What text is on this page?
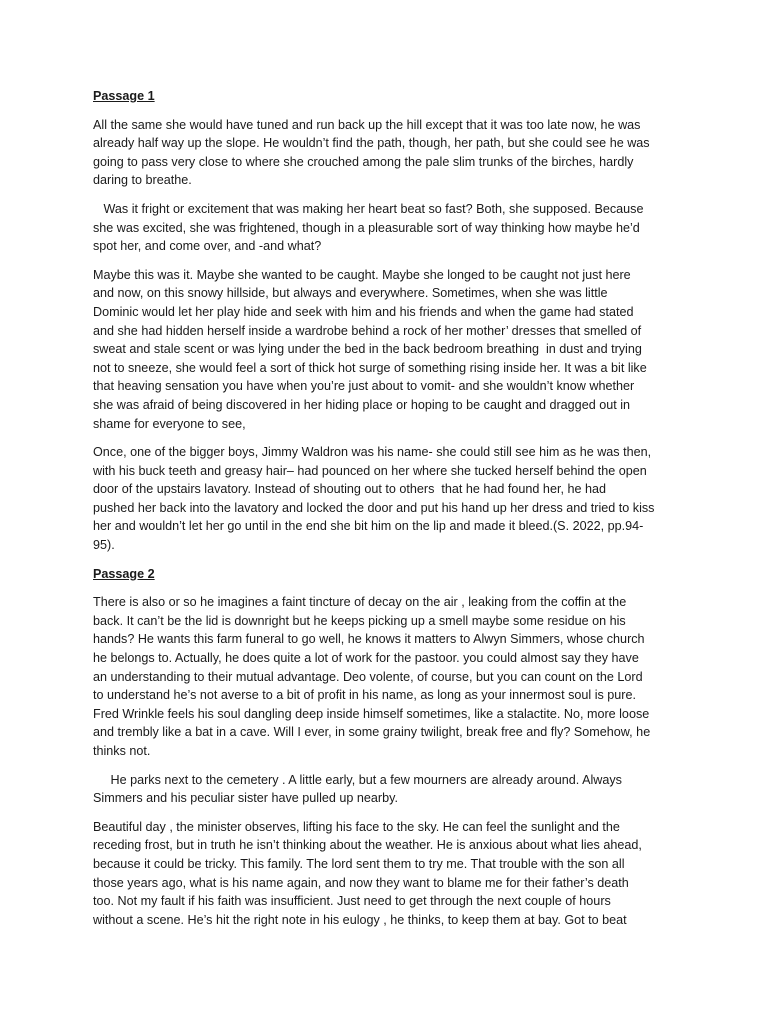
Passage 1
All the same she would have tuned and run back up the hill except that it was too late now, he was
already half way up the slope. He wouldn’t find the path, though, her path, but she could see he was
going to pass very close to where she crouched among the pale slim trunks of the birches, hardly
daring to breathe.
Was it fright or excitement that was making her heart beat so fast? Both, she supposed. Because
she was excited, she was frightened, though in a pleasurable sort of way thinking how maybe he’d
spot her, and come over, and -and what?
Maybe this was it. Maybe she wanted to be caught. Maybe she longed to be caught not just here
and now, on this snowy hillside, but always and everywhere. Sometimes, when she was little
Dominic would let her play hide and seek with him and his friends and when the game had stated
and she had hidden herself inside a wardrobe behind a rock of her mother’ dresses that smelled of
sweat and stale scent or was lying under the bed in the back bedroom breathing  in dust and trying
not to sneeze, she would feel a sort of thick hot surge of something rising inside her. It was a bit like
that heaving sensation you have when you’re just about to vomit- and she wouldn’t know whether
she was afraid of being discovered in her hiding place or hoping to be caught and dragged out in
shame for everyone to see,
Once, one of the bigger boys, Jimmy Waldron was his name- she could still see him as he was then,
with his buck teeth and greasy hair– had pounced on her where she tucked herself behind the open
door of the upstairs lavatory. Instead of shouting out to others  that he had found her, he had
pushed her back into the lavatory and locked the door and put his hand up her dress and tried to kiss
her and wouldn’t let her go until in the end she bit him on the lip and made it bleed.(S. 2022, pp.94-
95).
Passage 2
There is also or so he imagines a faint tincture of decay on the air , leaking from the coffin at the
back. It can’t be the lid is downright but he keeps picking up a smell maybe some residue on his
hands? He wants this farm funeral to go well, he knows it matters to Alwyn Simmers, whose church
he belongs to. Actually, he does quite a lot of work for the pastoor. you could almost say they have
an understanding to their mutual advantage. Deo volente, of course, but you can count on the Lord
to understand he’s not averse to a bit of profit in his name, as long as your innermost soul is pure.
Fred Wrinkle feels his soul dangling deep inside himself sometimes, like a stalactite. No, more loose
and trembly like a bat in a cave. Will I ever, in some grainy twilight, break free and fly? Somehow, he
thinks not.
He parks next to the cemetery . A little early, but a few mourners are already around. Always
Simmers and his peculiar sister have pulled up nearby.
Beautiful day , the minister observes, lifting his face to the sky. He can feel the sunlight and the
receding frost, but in truth he isn’t thinking about the weather. He is anxious about what lies ahead,
because it could be tricky. This family. The lord sent them to try me. That trouble with the son all
those years ago, what is his name again, and now they want to blame me for their father’s death
too. Not my fault if his faith was insufficient. Just need to get through the next couple of hours
without a scene. He’s hit the right note in his eulogy , he thinks, to keep them at bay. Got to beat
